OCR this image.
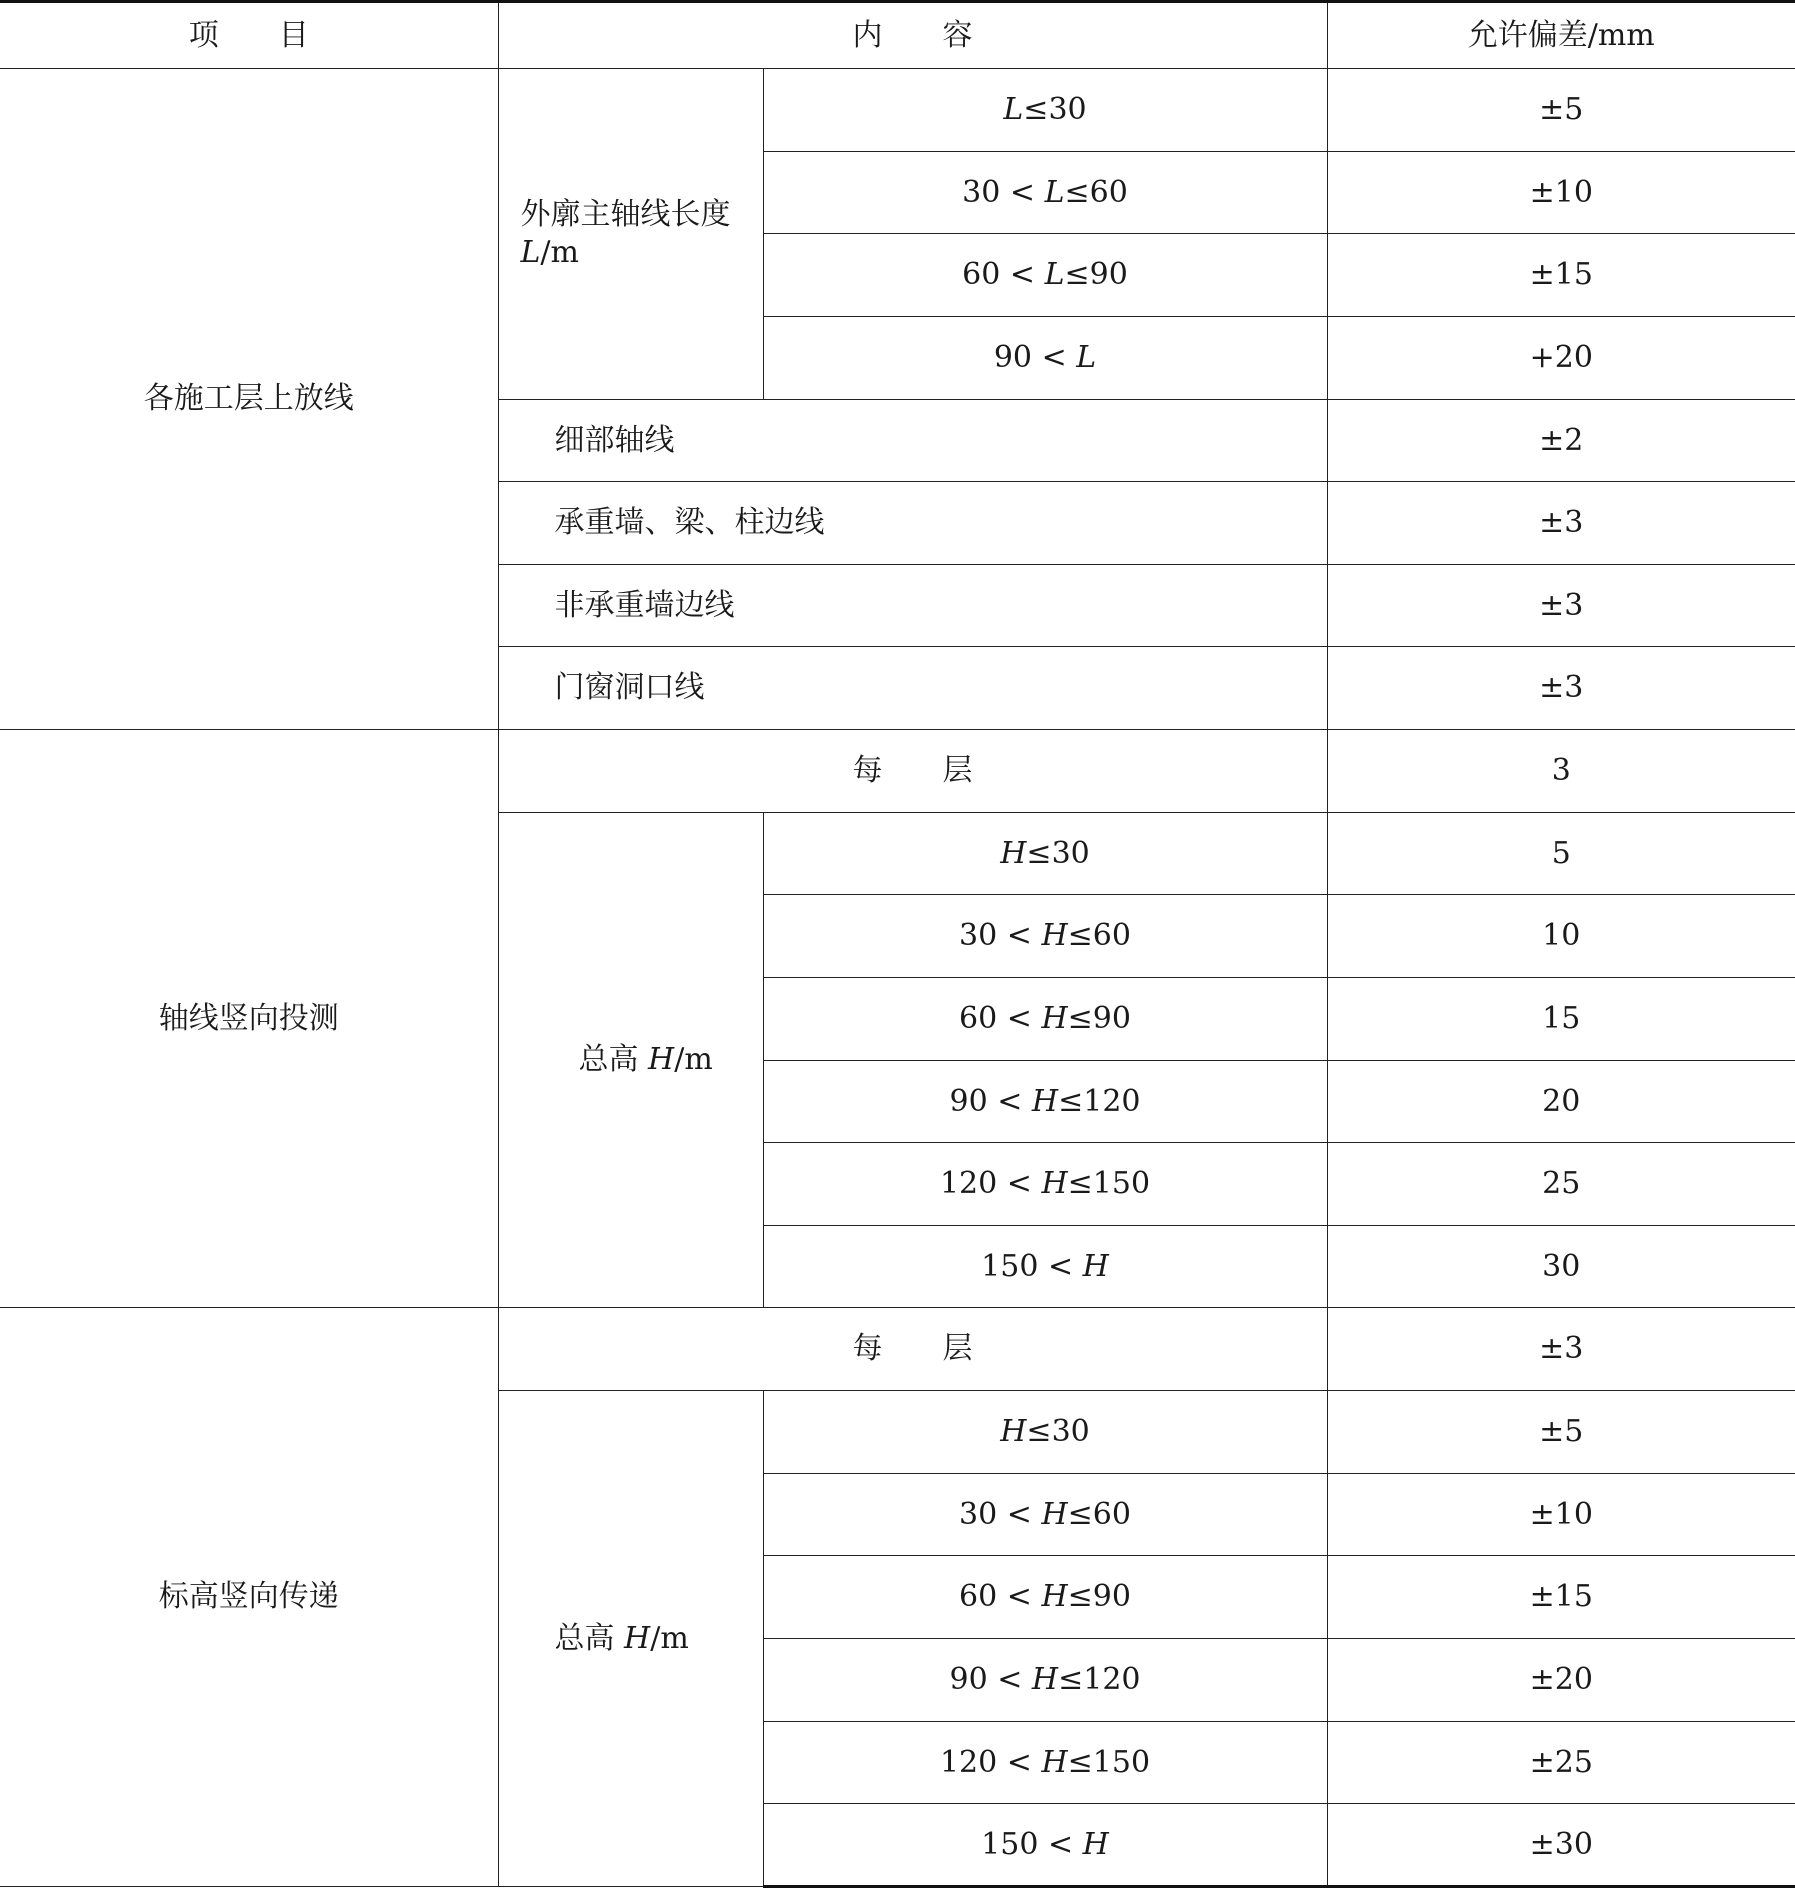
项　　目	内　　容		允许偏差/mm
各施工层上放线	外廓主轴线长度 L/m	L≤30	±5
		30 < L≤60	±10
		60 < L≤90	±15
		90 < L	+20
	细部轴线		±2
	承重墙、梁、柱边线		±3
	非承重墙边线		±3
	门窗洞口线		±3
轴线竖向投测	每　　层		3
	总高 H/m	H≤30	5
		30 < H≤60	10
		60 < H≤90	15
		90 < H≤120	20
		120 < H≤150	25
		150 < H	30
标高竖向传递	每　　层		±3
	总高 H/m	H≤30	±5
		30 < H≤60	±10
		60 < H≤90	±15
		90 < H≤120	±20
		120 < H≤150	±25
		150 < H	±30
